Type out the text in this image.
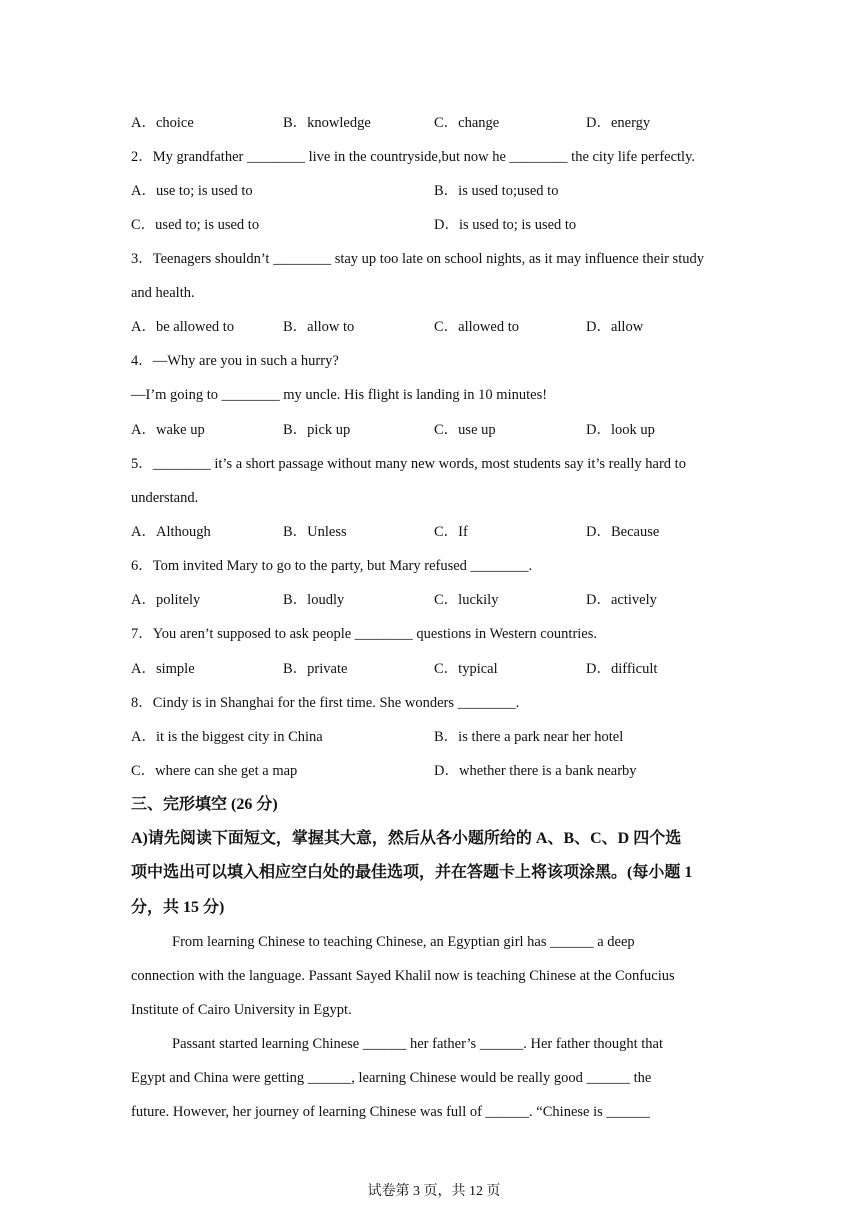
A．choice	B．knowledge	C．change	D．energy
2．My grandfather ________ live in the countryside,but now he ________ the city life perfectly.
A．use to; is used to	B．is used to;used to
C．used to; is used to	D．is used to; is used to
3．Teenagers shouldn’t ________ stay up too late on school nights, as it may influence their study
and health.
A．be allowed to	B．allow to	C．allowed to	D．allow
4．—Why are you in such a hurry?
—I’m going to ________ my uncle. His flight is landing in 10 minutes!
A．wake up	B．pick up	C．use up	D．look up
5．________ it’s a short passage without many new words, most students say it’s really hard to
understand.
A．Although	B．Unless	C．If	D．Because
6．Tom invited Mary to go to the party, but Mary refused ________.
A．politely	B．loudly	C．luckily	D．actively
7．You aren’t supposed to ask people ________ questions in Western countries.
A．simple	B．private	C．typical	D．difficult
8．Cindy is in Shanghai for the first time. She wonders ________.
A．it is the biggest city in China	B．is there a park near her hotel
C．where can she get a map	D．whether there is a bank nearby
三、完形填空 (26 分)
A)请先阅读下面短文，掌握其大意，然后从各小题所给的 A、B、C、D 四个选
项中选出可以填入相应空白处的最佳选项，并在答题卡上将该项涂黑。(每小题 1
分，共 15 分)
From learning Chinese to teaching Chinese, an Egyptian girl has ______ a deep
connection with the language. Passant Sayed Khalil now is teaching Chinese at the Confucius
Institute of Cairo University in Egypt.
Passant started learning Chinese ______ her father’s ______. Her father thought that
Egypt and China were getting ______, learning Chinese would be really good ______ the
future. However, her journey of learning Chinese was full of ______. “Chinese is ______
试卷第 3 页，共 12 页
